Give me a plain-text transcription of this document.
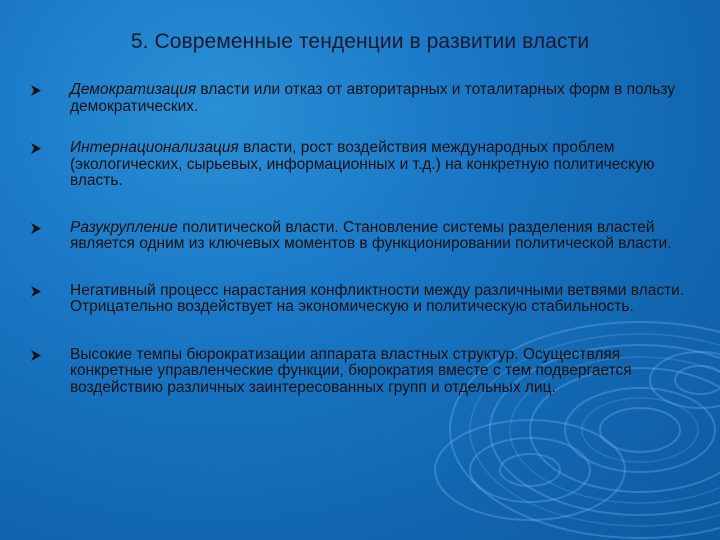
5. Современные тенденции в развитии власти
Демократизация власти или отказ от авторитарных и тоталитарных форм в пользу демократических.
Интернационализация власти, рост воздействия международных проблем (экологических, сырьевых, информационных и т.д.) на конкретную политическую власть.
Разукрупление политической власти. Становление системы разделения властей является одним из ключевых моментов в функционировании политической власти.
Негативный процесс нарастания конфликтности между различными ветвями власти. Отрицательно воздействует на экономическую и политическую стабильность.
Высокие темпы бюрократизации аппарата властных структур. Осуществляя конкретные управленческие функции, бюрократия вместе с тем подвергается воздействию различных заинтересованных групп и отдельных лиц.
